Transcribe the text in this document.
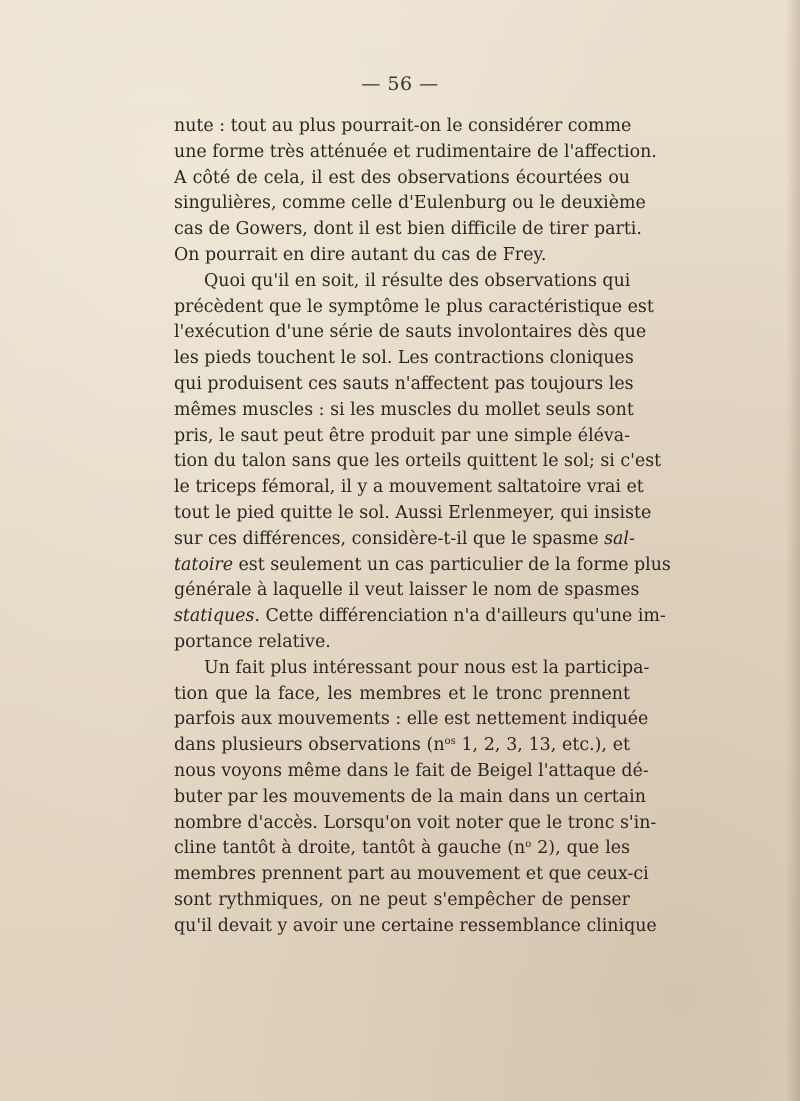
— 56 —
nute : tout au plus pourrait-on le considérer comme
une forme très atténuée et rudimentaire de l'affection.
A côté de cela, il est des observations écourtées ou
singulières, comme celle d'Eulenburg ou le deuxième
cas de Gowers, dont il est bien difficile de tirer parti.
On pourrait en dire autant du cas de Frey.
Quoi qu'il en soit, il résulte des observations qui
précèdent que le symptôme le plus caractéristique est
l'exécution d'une série de sauts involontaires dès que
les pieds touchent le sol. Les contractions cloniques
qui produisent ces sauts n'affectent pas toujours les
mêmes muscles : si les muscles du mollet seuls sont
pris, le saut peut être produit par une simple éléva-
tion du talon sans que les orteils quittent le sol; si c'est
le triceps fémoral, il y a mouvement saltatoire vrai et
tout le pied quitte le sol. Aussi Erlenmeyer, qui insiste
sur ces différences, considère-t-il que le spasme sal-
tatoire est seulement un cas particulier de la forme plus
générale à laquelle il veut laisser le nom de spasmes
statiques. Cette différenciation n'a d'ailleurs qu'une im-
portance relative.
Un fait plus intéressant pour nous est la participa-
tion que la face, les membres et le tronc prennent
parfois aux mouvements : elle est nettement indiquée
dans plusieurs observations ($n^{os}$ 1, 2, 3, 13, etc.), et
nous voyons même dans le fait de Beigel l'attaque dé-
buter par les mouvements de la main dans un certain
nombre d'accès. Lorsqu'on voit noter que le tronc s'in-
cline tantôt à droite, tantôt à gauche ($n^o$ 2), que les
membres prennent part au mouvement et que ceux-ci
sont rythmiques, on ne peut s'empêcher de penser
qu'il devait y avoir une certaine ressemblance clinique
